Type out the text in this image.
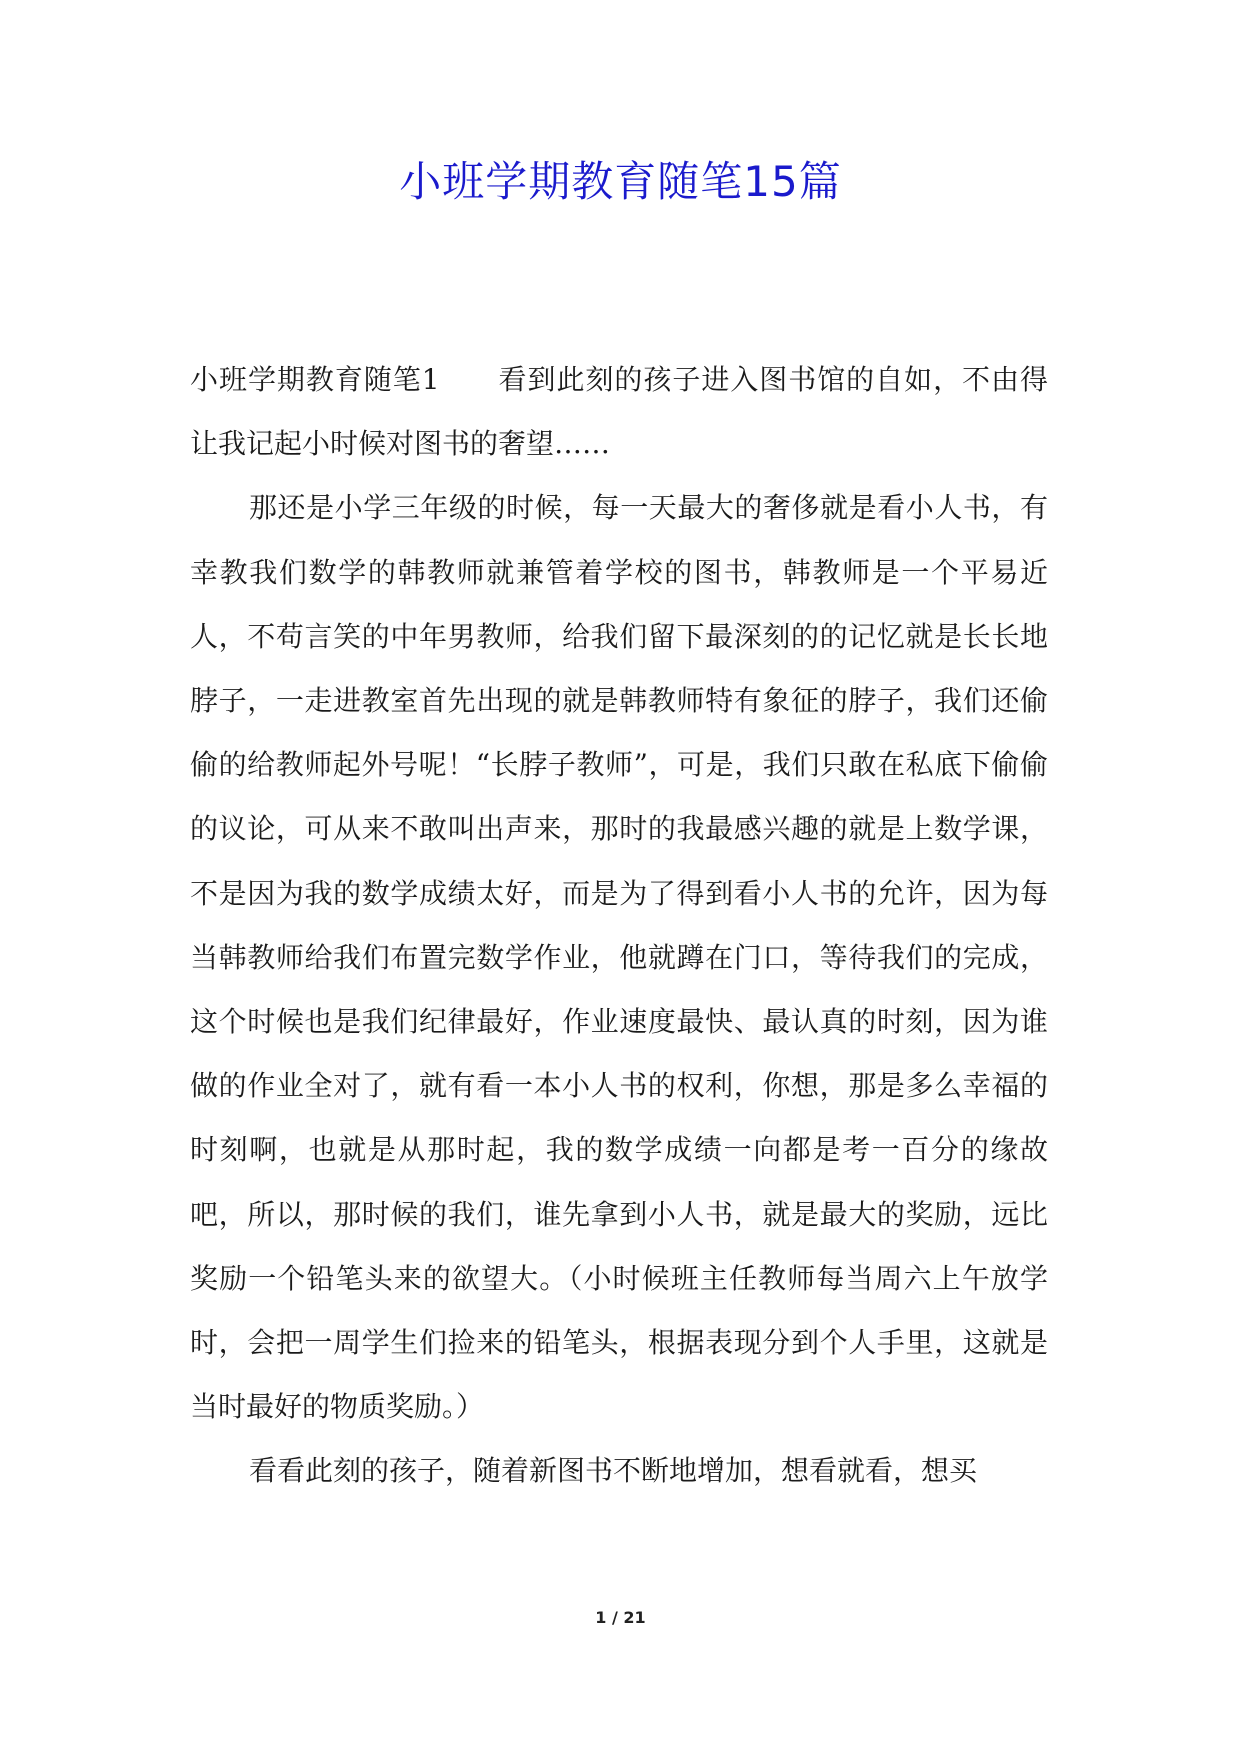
小班学期教育随笔15篇

小班学期教育随笔1 看到此刻的孩子进入图书馆的自如，不由得让我记起小时候对图书的奢望……

那还是小学三年级的时候，每一天最大的奢侈就是看小人书，有幸教我们数学的韩教师就兼管着学校的图书，韩教师是一个平易近人，不苟言笑的中年男教师，给我们留下最深刻的的记忆就是长长地脖子，一走进教室首先出现的就是韩教师特有象征的脖子，我们还偷偷的给教师起外号呢！“长脖子教师”，可是，我们只敢在私底下偷偷的议论，可从来不敢叫出声来，那时的我最感兴趣的就是上数学课，不是因为我的数学成绩太好，而是为了得到看小人书的允许，因为每当韩教师给我们布置完数学作业，他就蹲在门口，等待我们的完成，这个时候也是我们纪律最好，作业速度最快、最认真的时刻，因为谁做的作业全对了，就有看一本小人书的权利，你想，那是多么幸福的时刻啊，也就是从那时起，我的数学成绩一向都是考一百分的缘故吧，所以，那时候的我们，谁先拿到小人书，就是最大的奖励，远比奖励一个铅笔头来的欲望大。（小时候班主任教师每当周六上午放学时，会把一周学生们捡来的铅笔头，根据表现分到个人手里，这就是当时最好的物质奖励。）

看看此刻的孩子，随着新图书不断地增加，想看就看，想买

1 / 21
